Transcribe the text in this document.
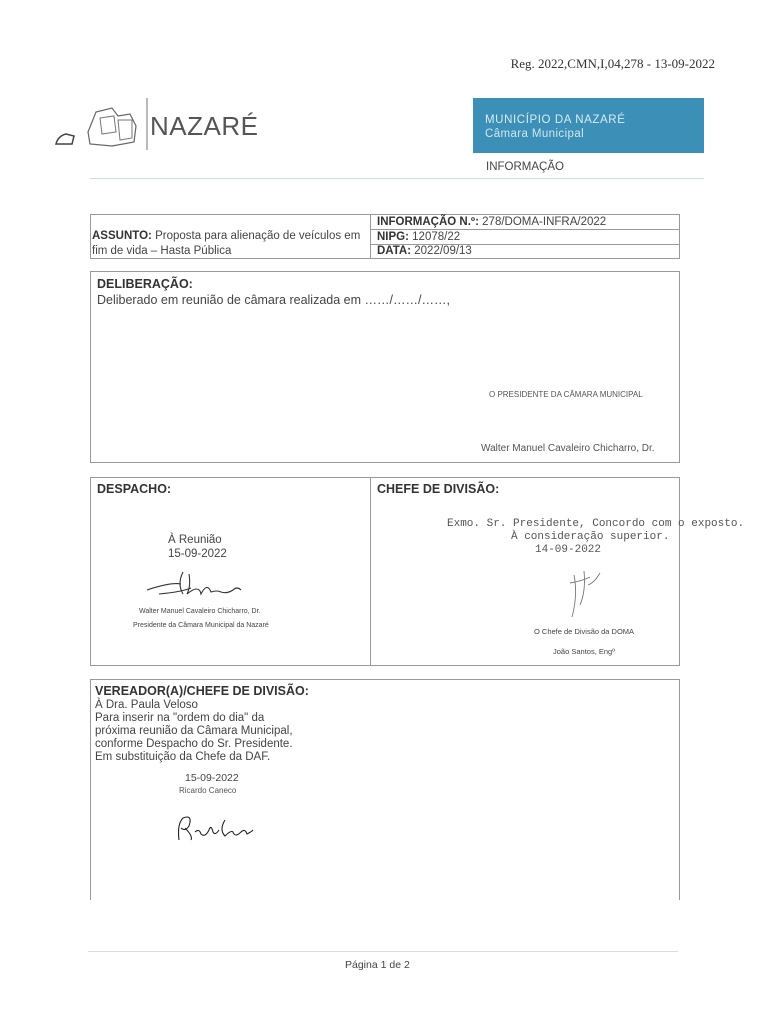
Reg. 2022,CMN,I,04,278 - 13-09-2022
NAZARÉ	MUNICÍPIO DA NAZARÉ
Câmara Municipal
INFORMAÇÃO
ASSUNTO: Proposta para alienação de veículos em
fim de vida – Hasta Pública
INFORMAÇÃO N.º: 278/DOMA-INFRA/2022
NIPG: 12078/22
DATA: 2022/09/13
DELIBERAÇÃO:
Deliberado em reunião de câmara realizada em ……/……/……,
O PRESIDENTE DA CÂMARA MUNICIPAL
Walter Manuel Cavaleiro Chicharro, Dr.
DESPACHO:
À Reunião
15-09-2022
Walter Manuel Cavaleiro Chicharro, Dr.
Presidente da Câmara Municipal da Nazaré
CHEFE DE DIVISÃO:
Exmo. Sr. Presidente, Concordo com o exposto.
À consideração superior.
14-09-2022
O Chefe de Divisão da DOMA
João Santos, Engº
VEREADOR(A)/CHEFE DE DIVISÃO:
À Dra. Paula Veloso
Para inserir na "ordem do dia" da
próxima reunião da Câmara Municipal,
conforme Despacho do Sr. Presidente.
Em substituição da Chefe da DAF.
15-09-2022
Ricardo Caneco
Página 1 de 2
